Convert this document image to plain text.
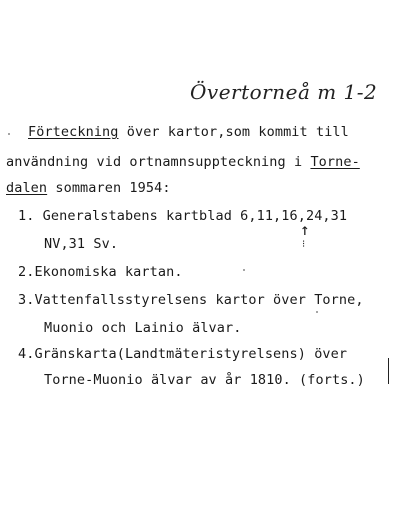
Övertorneå m 1-2
Förteckning över kartor,som kommit till
användning vid ortnamnsuppteckning i Torne-
dalen sommaren 1954:
1. Generalstabens kartblad 6,11,16,24,31
↑
⁝
NV,31 Sv.
2.Ekonomiska kartan.
3.Vattenfallsstyrelsens kartor över Torne,
Muonio och Lainio älvar.
4.Gränskarta(Landtmäteristyrelsens) över
Torne-Muonio älvar av år 1810. (forts.)
